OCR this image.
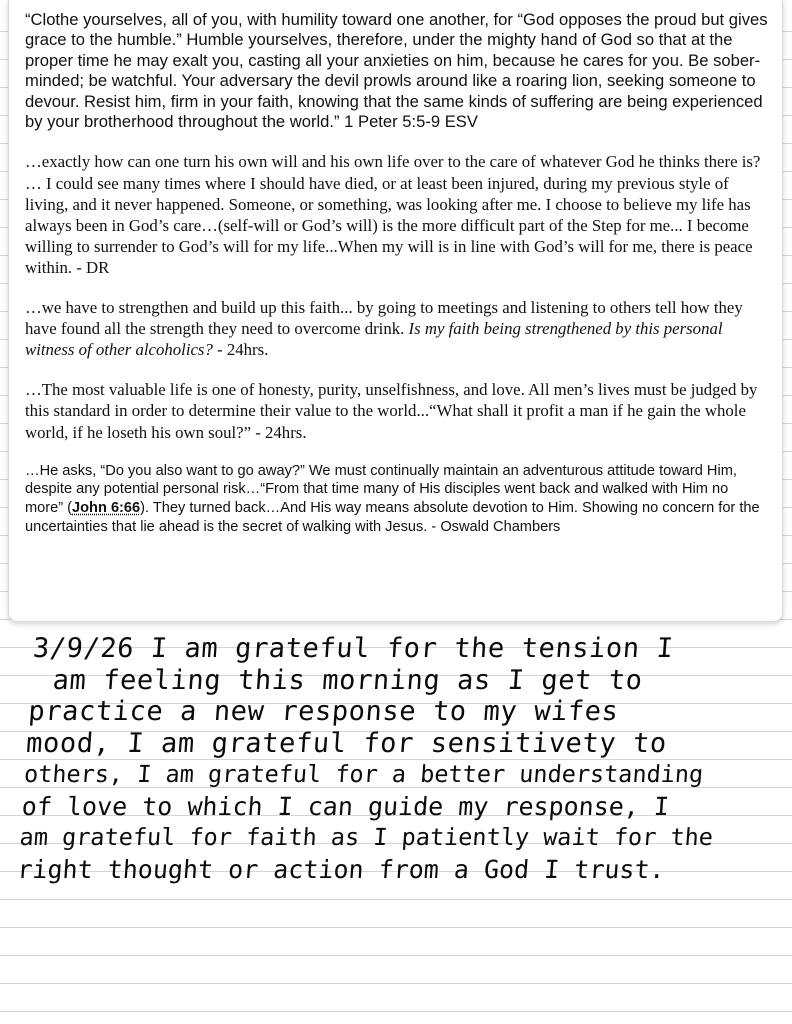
“Clothe yourselves, all of you, with humility toward one another, for “God opposes the proud but gives grace to the humble.” Humble yourselves, therefore, under the mighty hand of God so that at the proper time he may exalt you, casting all your anxieties on him, because he cares for you. Be sober-minded; be watchful. Your adversary the devil prowls around like a roaring lion, seeking someone to devour. Resist him, firm in your faith, knowing that the same kinds of suffering are being experienced by your brotherhood throughout the world.” 1 Peter 5:5-9 ESV

…exactly how can one turn his own will and his own life over to the care of whatever God he thinks there is? … I could see many times where I should have died, or at least been injured, during my previous style of living, and it never happened. Someone, or something, was looking after me. I choose to believe my life has always been in God’s care…(self-will or God’s will) is the more difficult part of the Step for me... I become willing to surrender to God’s will for my life...When my will is in line with God’s will for me, there is peace within. - DR

…we have to strengthen and build up this faith... by going to meetings and listening to others tell how they have found all the strength they need to overcome drink. Is my faith being strengthened by this personal witness of other alcoholics? - 24hrs.

…The most valuable life is one of honesty, purity, unselfishness, and love. All men’s lives must be judged by this standard in order to determine their value to the world...“What shall it profit a man if he gain the whole world, if he loseth his own soul?” - 24hrs.

…He asks, “Do you also want to go away?” We must continually maintain an adventurous attitude toward Him, despite any potential personal risk…“From that time many of His disciples went back and walked with Him no more” (John 6:66). They turned back…And His way means absolute devotion to Him. Showing no concern for the uncertainties that lie ahead is the secret of walking with Jesus. - Oswald Chambers

3/9/26 I am grateful for the tension I
am feeling this morning as I get to
practice a new response to my wifes
mood, I am grateful for sensitivety to
others, I am grateful for a better understanding
of love to which I can guide my response, I
am grateful for faith as I patiently wait for the
right thought or action from a God I trust.
